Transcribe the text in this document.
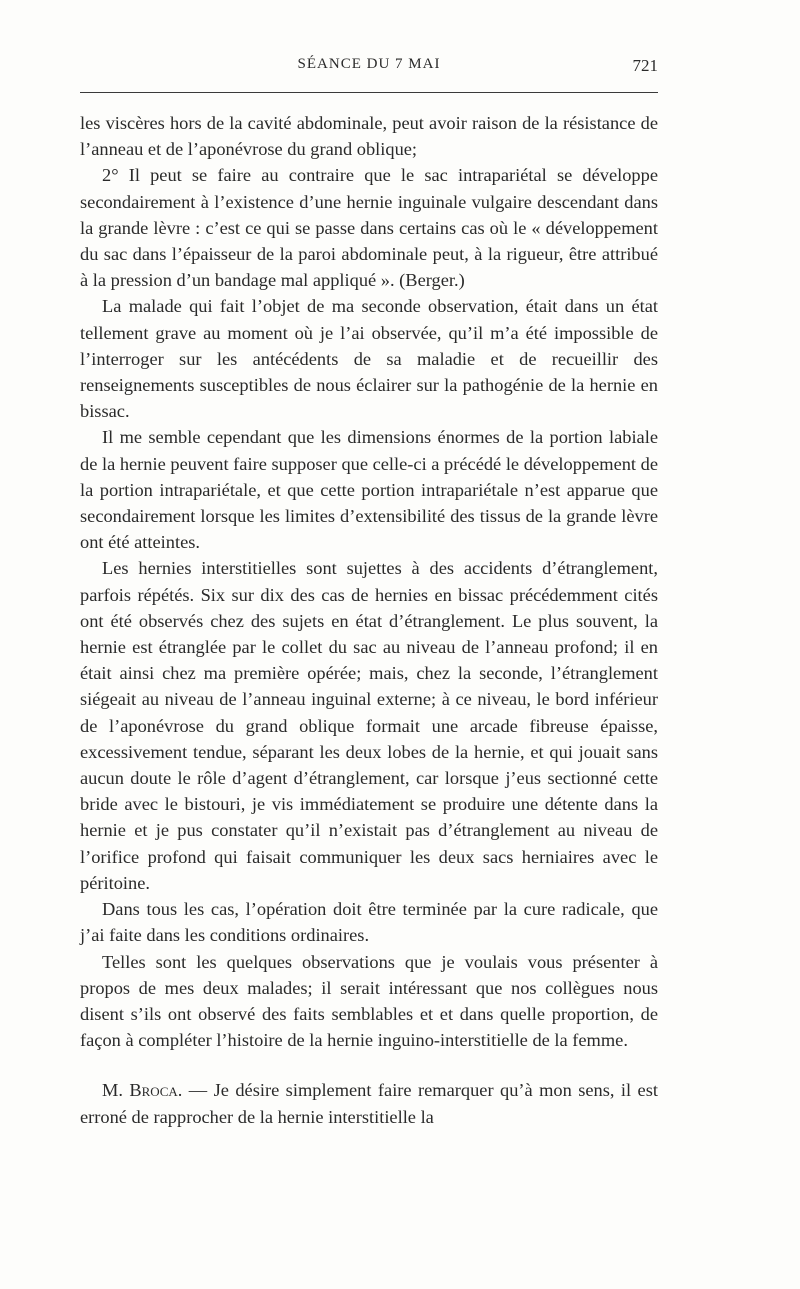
SÉANCE DU 7 MAI	721

les viscères hors de la cavité abdominale, peut avoir raison de la résistance de l’anneau et de l’aponévrose du grand oblique;

2° Il peut se faire au contraire que le sac intrapariétal se développe secondairement à l’existence d’une hernie inguinale vulgaire descendant dans la grande lèvre : c’est ce qui se passe dans certains cas où le « développement du sac dans l’épaisseur de la paroi abdominale peut, à la rigueur, être attribué à la pression d’un bandage mal appliqué ». (Berger.)

La malade qui fait l’objet de ma seconde observation, était dans un état tellement grave au moment où je l’ai observée, qu’il m’a été impossible de l’interroger sur les antécédents de sa maladie et de recueillir des renseignements susceptibles de nous éclairer sur la pathogénie de la hernie en bissac.

Il me semble cependant que les dimensions énormes de la portion labiale de la hernie peuvent faire supposer que celle-ci a précédé le développement de la portion intrapariétale, et que cette portion intrapariétale n’est apparue que secondairement lorsque les limites d’extensibilité des tissus de la grande lèvre ont été atteintes.

Les hernies interstitielles sont sujettes à des accidents d’étranglement, parfois répétés. Six sur dix des cas de hernies en bissac précédemment cités ont été observés chez des sujets en état d’étranglement. Le plus souvent, la hernie est étranglée par le collet du sac au niveau de l’anneau profond; il en était ainsi chez ma première opérée; mais, chez la seconde, l’étranglement siégeait au niveau de l’anneau inguinal externe; à ce niveau, le bord inférieur de l’aponévrose du grand oblique formait une arcade fibreuse épaisse, excessivement tendue, séparant les deux lobes de la hernie, et qui jouait sans aucun doute le rôle d’agent d’étranglement, car lorsque j’eus sectionné cette bride avec le bistouri, je vis immédiatement se produire une détente dans la hernie et je pus constater qu’il n’existait pas d’étranglement au niveau de l’orifice profond qui faisait communiquer les deux sacs herniaires avec le péritoine.

Dans tous les cas, l’opération doit être terminée par la cure radicale, que j’ai faite dans les conditions ordinaires.

Telles sont les quelques observations que je voulais vous présenter à propos de mes deux malades; il serait intéressant que nos collègues nous disent s’ils ont observé des faits semblables et et dans quelle proportion, de façon à compléter l’histoire de la hernie inguino-interstitielle de la femme.

M. Broca. — Je désire simplement faire remarquer qu’à mon sens, il est erroné de rapprocher de la hernie interstitielle la
